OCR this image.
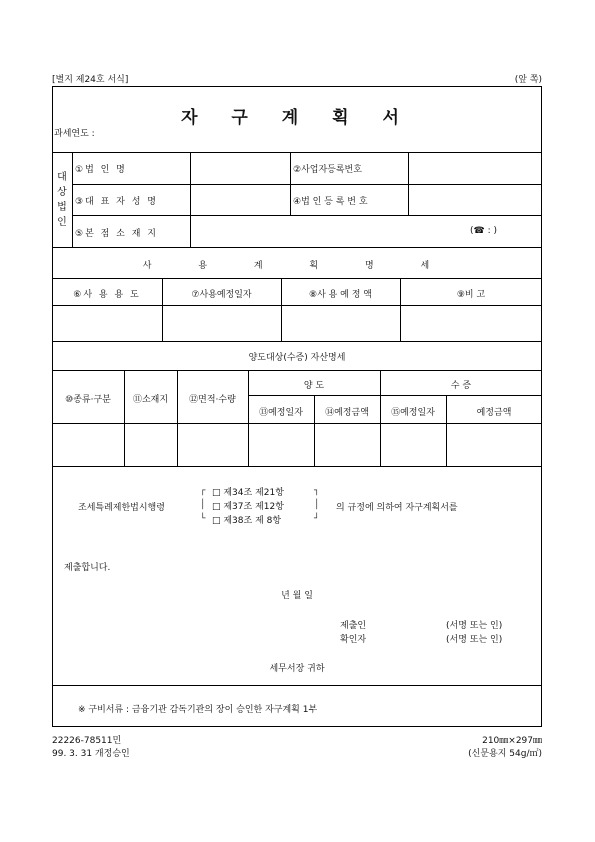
[별지 제24호 서식]	(앞 쪽)
자 구 계 획 서
과세연도 :
대상법인
①법 인 명	②사업자등록번호
③대 표 자 성 명	④법 인 등 록 번 호
⑤본 점 소 재 지	(☎ : )
사 용 계 획 명 세
⑥사 용 용 도	⑦사용예정일자	⑧사 용 예 정 액	⑨비 고
양도대상(수증) 자산명세
⑩종류·구분	⑪소재지	⑫면적·수량
양 도	수 증
⑬예정일자	⑭예정금액	⑮예정일자	예정금액
조세특례제한법시행령
┌
│
└
□ 제34조 제21항
□ 제37조 제12항
□ 제38조 제 8항
┐
│
┘
의 규정에 의하여 자구계획서를
제출합니다.
년 월 일
제출인	(서명 또는 인)
확인자	(서명 또는 인)
세무서장 귀하
※ 구비서류 : 금융기관 감독기관의 장이 승인한 자구계획 1부
22226-78511민
99. 3. 31 개정승인
210㎜×297㎜
(신문용지 54g/㎡)
